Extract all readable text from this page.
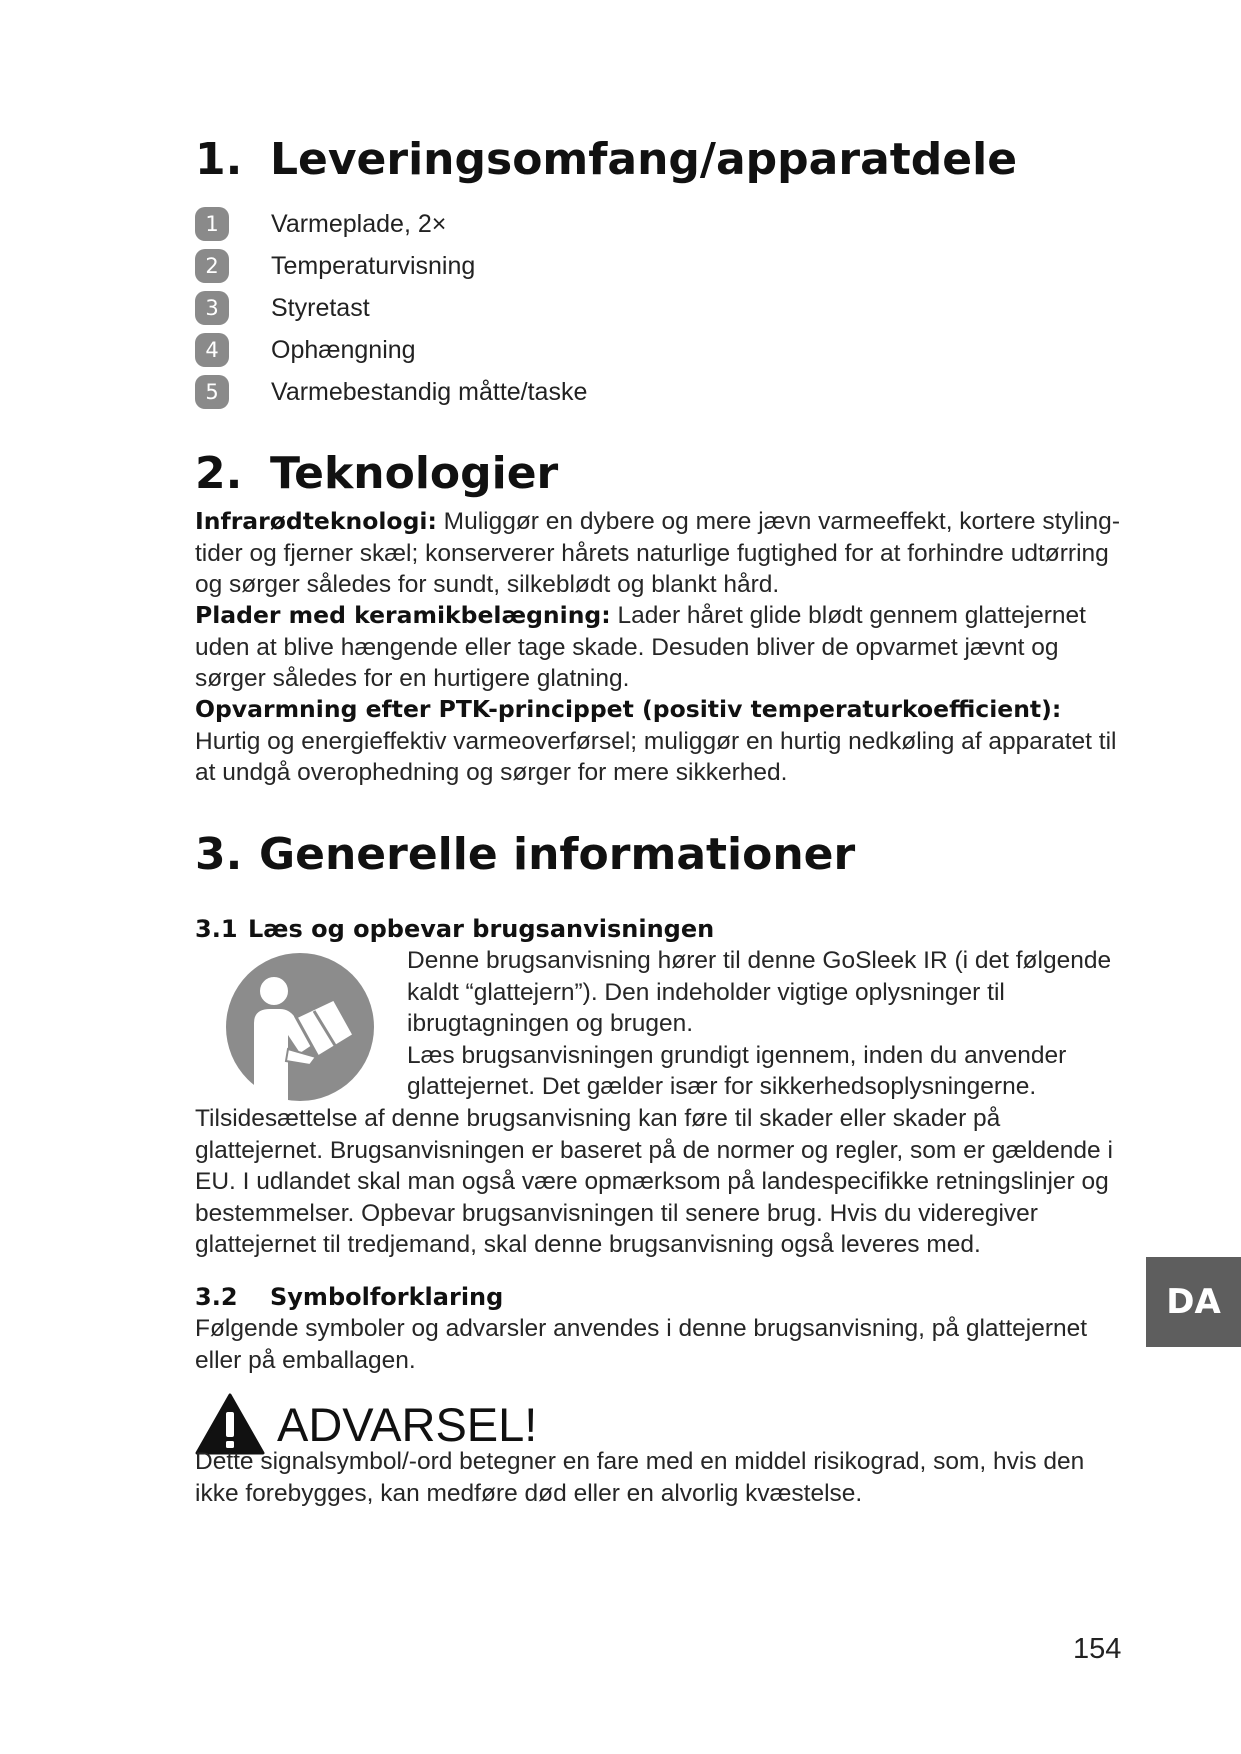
1. Leveringsomfang/apparatdele
1	Varmeplade, 2×
2	Temperaturvisning
3	Styretast
4	Ophængning
5	Varmebestandig måtte/taske
2. Teknologier

Infrarødteknologi: Muliggør en dybere og mere jævn varmeeffekt, kortere stylingtider og fjerner skæl; konserverer hårets naturlige fugtighed for at forhindre udtørring og sørger således for sundt, silkeblødt og blankt hård.

Plader med keramikbelægning: Lader håret glide blødt gennem glattejernet uden at blive hængende eller tage skade. Desuden bliver de opvarmet jævnt og sørger således for en hurtigere glatning.

Opvarmning efter PTK-princippet (positiv temperaturkoefficient):
Hurtig og energieffektiv varmeoverførsel; muliggør en hurtig nedkøling af apparatet til at undgå overophedning og sørger for mere sikkerhed.

3. Generelle informationer
3.1 Læs og opbevar brugsanvisningen

Denne brugsanvisning hører til denne GoSleek IR (i det følgende kaldt “glattejern”). Den indeholder vigtige oplysninger til ibrugtagningen og brugen.
Læs brugsanvisningen grundigt igennem, inden du anvender glattejernet. Det gælder især for sikkerhedsoplysningerne.

Tilsidesættelse af denne brugsanvisning kan føre til skader eller skader på glattejernet. Brugsanvisningen er baseret på de normer og regler, som er gældende i EU. I udlandet skal man også være opmærksom på landespecifikke retningslinjer og bestemmelser. Opbevar brugsanvisningen til senere brug. Hvis du videregiver glattejernet til tredjemand, skal denne brugsanvisning også leveres med.

3.2 Symbolforklaring

Følgende symboler og advarsler anvendes i denne brugsanvisning, på glattejernet eller på emballagen.

ADVARSEL!

Dette signalsymbol/-ord betegner en fare med en middel risikograd, som, hvis den ikke forebygges, kan medføre død eller en alvorlig kvæstelse.

DA
154
